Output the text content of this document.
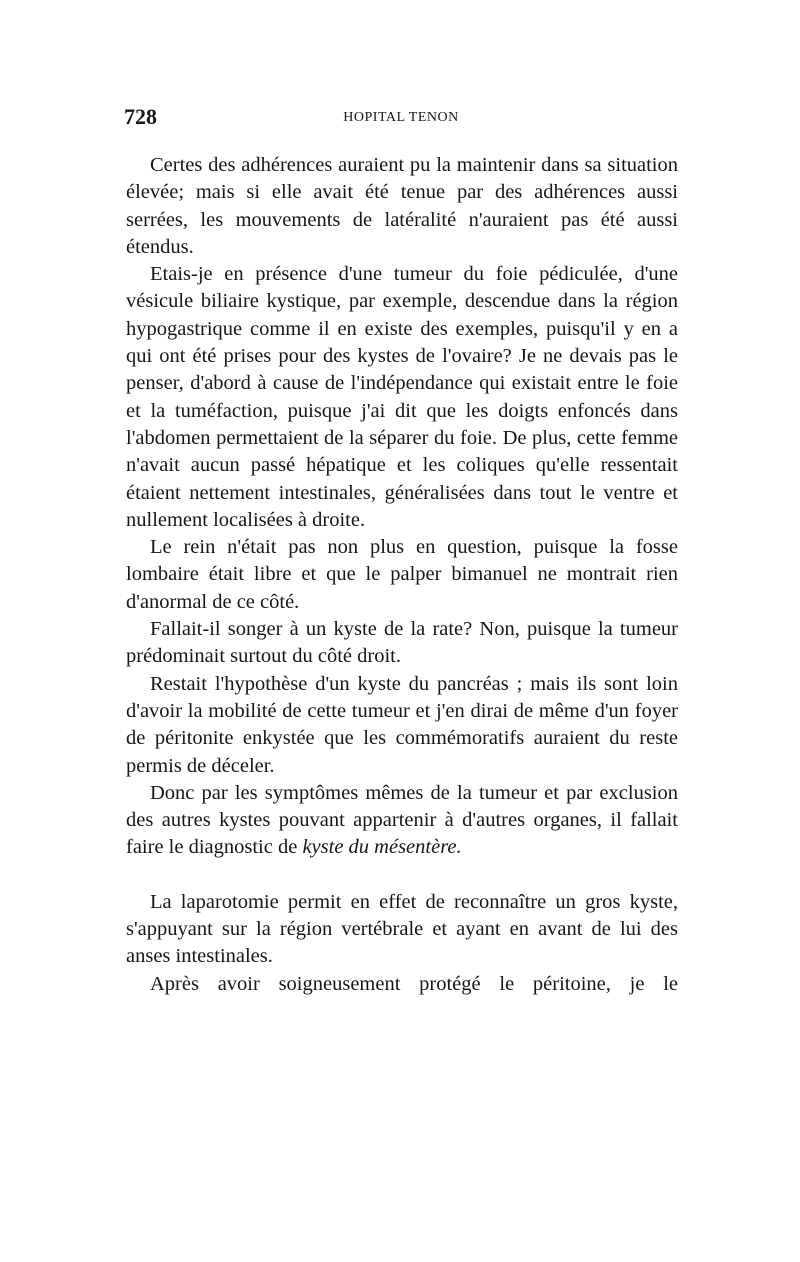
728	HOPITAL TENON

Certes des adhérences auraient pu la maintenir dans sa situation élevée; mais si elle avait été tenue par des adhérences aussi serrées, les mouvements de latéralité n'auraient pas été aussi étendus.

Etais-je en présence d'une tumeur du foie pédiculée, d'une vésicule biliaire kystique, par exemple, descendue dans la région hypogastrique comme il en existe des exemples, puisqu'il y en a qui ont été prises pour des kystes de l'ovaire? Je ne devais pas le penser, d'abord à cause de l'indépendance qui existait entre le foie et la tuméfaction, puisque j'ai dit que les doigts enfoncés dans l'abdomen permettaient de la séparer du foie. De plus, cette femme n'avait aucun passé hépatique et les coliques qu'elle ressentait étaient nettement intestinales, généralisées dans tout le ventre et nullement localisées à droite.

Le rein n'était pas non plus en question, puisque la fosse lombaire était libre et que le palper bimanuel ne montrait rien d'anormal de ce côté.

Fallait-il songer à un kyste de la rate? Non, puisque la tumeur prédominait surtout du côté droit.

Restait l'hypothèse d'un kyste du pancréas ; mais ils sont loin d'avoir la mobilité de cette tumeur et j'en dirai de même d'un foyer de péritonite enkystée que les commémoratifs auraient du reste permis de déceler.

Donc par les symptômes mêmes de la tumeur et par exclusion des autres kystes pouvant appartenir à d'autres organes, il fallait faire le diagnostic de kyste du mésentère.

La laparotomie permit en effet de reconnaître un gros kyste, s'appuyant sur la région vertébrale et ayant en avant de lui des anses intestinales.

Après avoir soigneusement protégé le péritoine, je le
